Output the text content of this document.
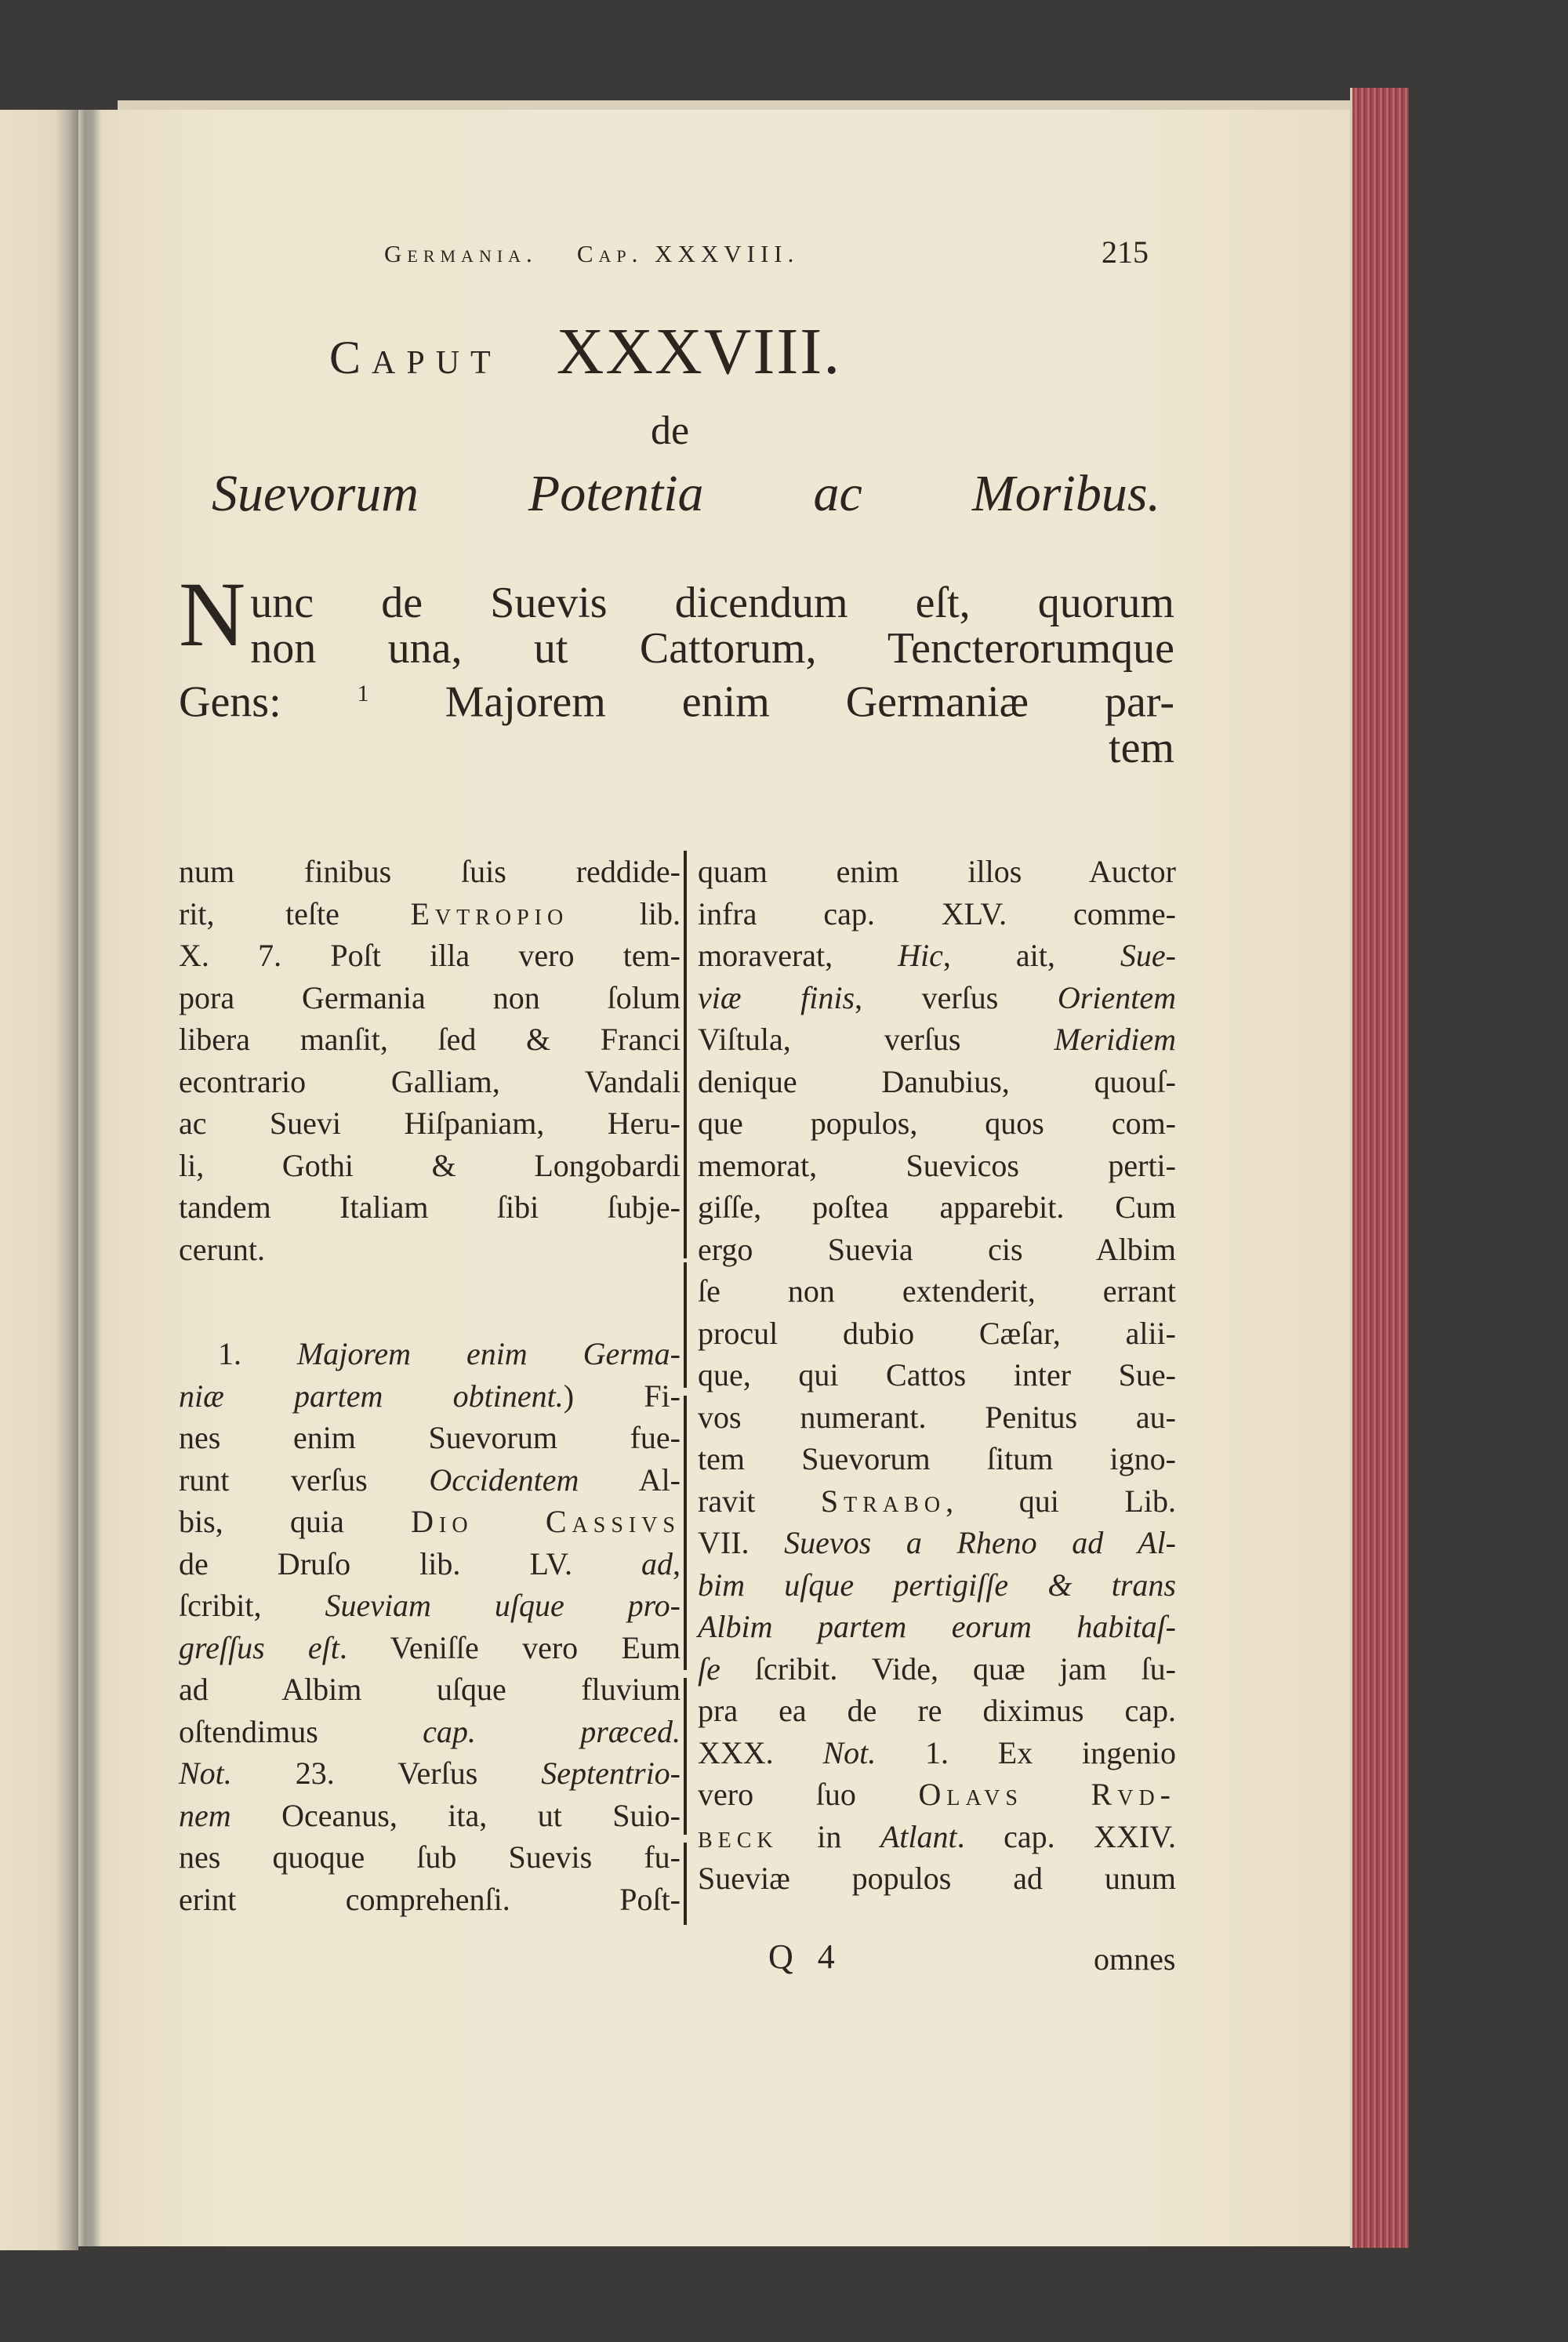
Germania. Cap. XXXVIII.	215
Caput XXXVIII.
de
Suevorum Potentia ac Moribus.
N unc de Suevis dicendum eſt, quorum
non una, ut Cattorum, Tencterorumque
Gens: $^1$ Majorem enim Germaniæ par-
tem
num finibus ſuis reddide-
rit, teſte Evtropio lib.
X. 7. Poſt illa vero tem-
pora Germania non ſolum
libera manſit, ſed & Franci
econtrario Galliam, Vandali
ac Suevi Hiſpaniam, Heru-
li, Gothi & Longobardi
tandem Italiam ſibi ſubje-
cerunt.
1. Majorem enim Germa-
niæ partem obtinent.) Fi-
nes enim Suevorum fue-
runt verſus Occidentem Al-
bis, quia Dio Cassivs
de Druſo lib. LV. ad,
ſcribit, Sueviam uſque pro-
greſſus eſt. Veniſſe vero Eum
ad Albim uſque fluvium
oſtendimus cap. præced.
Not. 23. Verſus Septentrio-
nem Oceanus, ita, ut Suio-
nes quoque ſub Suevis fu-
erint comprehenſi. Poſt-
quam enim illos Auctor
infra cap. XLV. comme-
moraverat, Hic, ait, Sue-
viæ finis, verſus Orientem
Viſtula, verſus Meridiem
denique Danubius, quouſ-
que populos, quos com-
memorat, Suevicos perti-
giſſe, poſtea apparebit. Cum
ergo Suevia cis Albim
ſe non extenderit, errant
procul dubio Cæſar, alii-
que, qui Cattos inter Sue-
vos numerant. Penitus au-
tem Suevorum ſitum igno-
ravit Strabo, qui Lib.
VII. Suevos a Rheno ad Al-
bim uſque pertigiſſe & trans
Albim partem eorum habitaſ-
ſe ſcribit. Vide, quæ jam ſu-
pra ea de re diximus cap.
XXX. Not. 1. Ex ingenio
vero ſuo Olavs Rvd-
beck in Atlant. cap. XXIV.
Sueviæ populos ad unum
Q 4	omnes
